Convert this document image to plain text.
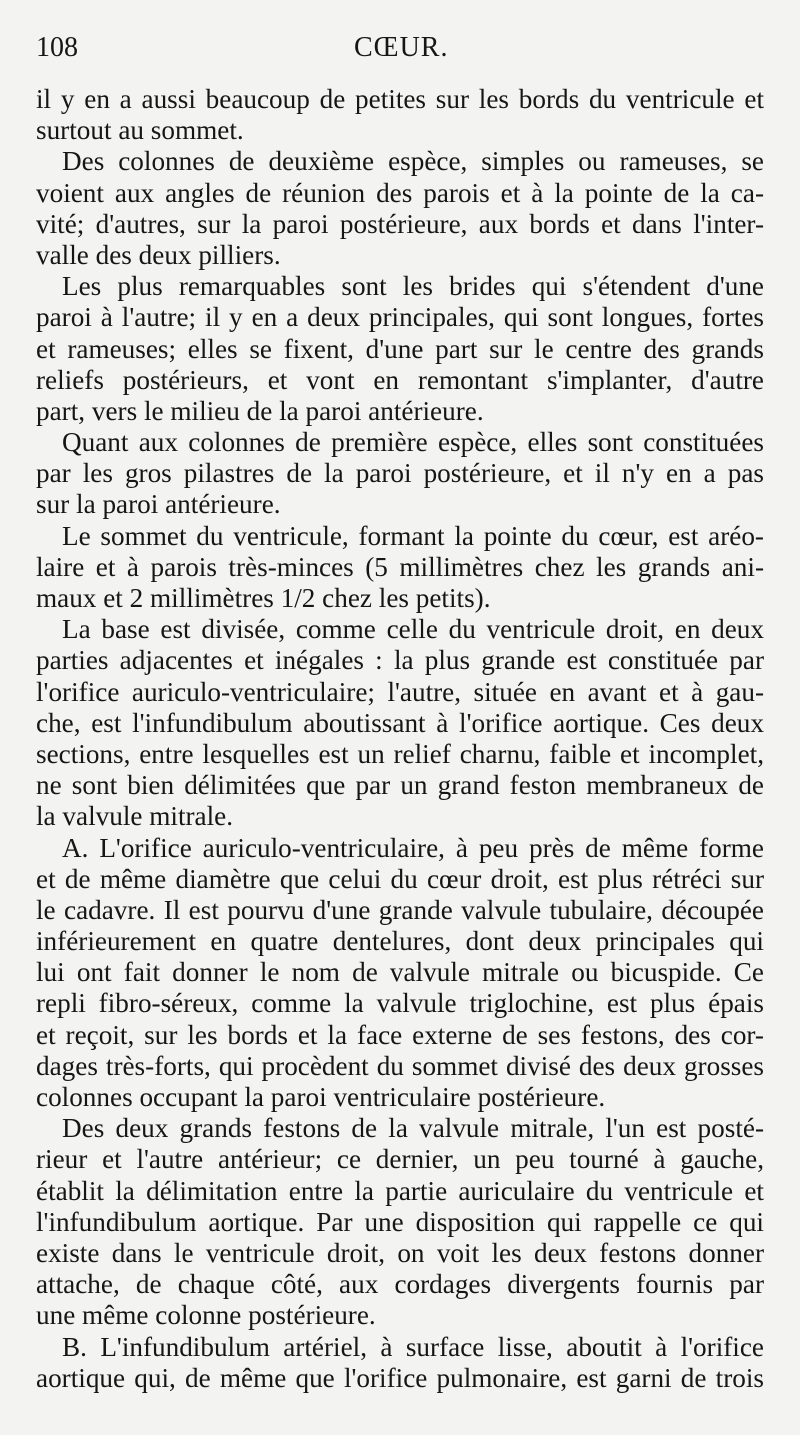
108	CŒUR.
il y en a aussi beaucoup de petites sur les bords du ventricule et
surtout au sommet.
Des colonnes de deuxième espèce, simples ou rameuses, se
voient aux angles de réunion des parois et à la pointe de la ca-
vité; d'autres, sur la paroi postérieure, aux bords et dans l'inter-
valle des deux pilliers.
Les plus remarquables sont les brides qui s'étendent d'une
paroi à l'autre; il y en a deux principales, qui sont longues, fortes
et rameuses; elles se fixent, d'une part sur le centre des grands
reliefs postérieurs, et vont en remontant s'implanter, d'autre
part, vers le milieu de la paroi antérieure.
Quant aux colonnes de première espèce, elles sont constituées
par les gros pilastres de la paroi postérieure, et il n'y en a pas
sur la paroi antérieure.
Le sommet du ventricule, formant la pointe du cœur, est aréo-
laire et à parois très-minces (5 millimètres chez les grands ani-
maux et 2 millimètres 1/2 chez les petits).
La base est divisée, comme celle du ventricule droit, en deux
parties adjacentes et inégales : la plus grande est constituée par
l'orifice auriculo-ventriculaire; l'autre, située en avant et à gau-
che, est l'infundibulum aboutissant à l'orifice aortique. Ces deux
sections, entre lesquelles est un relief charnu, faible et incomplet,
ne sont bien délimitées que par un grand feston membraneux de
la valvule mitrale.
A. L'orifice auriculo-ventriculaire, à peu près de même forme
et de même diamètre que celui du cœur droit, est plus rétréci sur
le cadavre. Il est pourvu d'une grande valvule tubulaire, découpée
inférieurement en quatre dentelures, dont deux principales qui
lui ont fait donner le nom de valvule mitrale ou bicuspide. Ce
repli fibro-séreux, comme la valvule triglochine, est plus épais
et reçoit, sur les bords et la face externe de ses festons, des cor-
dages très-forts, qui procèdent du sommet divisé des deux grosses
colonnes occupant la paroi ventriculaire postérieure.
Des deux grands festons de la valvule mitrale, l'un est posté-
rieur et l'autre antérieur; ce dernier, un peu tourné à gauche,
établit la délimitation entre la partie auriculaire du ventricule et
l'infundibulum aortique. Par une disposition qui rappelle ce qui
existe dans le ventricule droit, on voit les deux festons donner
attache, de chaque côté, aux cordages divergents fournis par
une même colonne postérieure.
B. L'infundibulum artériel, à surface lisse, aboutit à l'orifice
aortique qui, de même que l'orifice pulmonaire, est garni de trois
